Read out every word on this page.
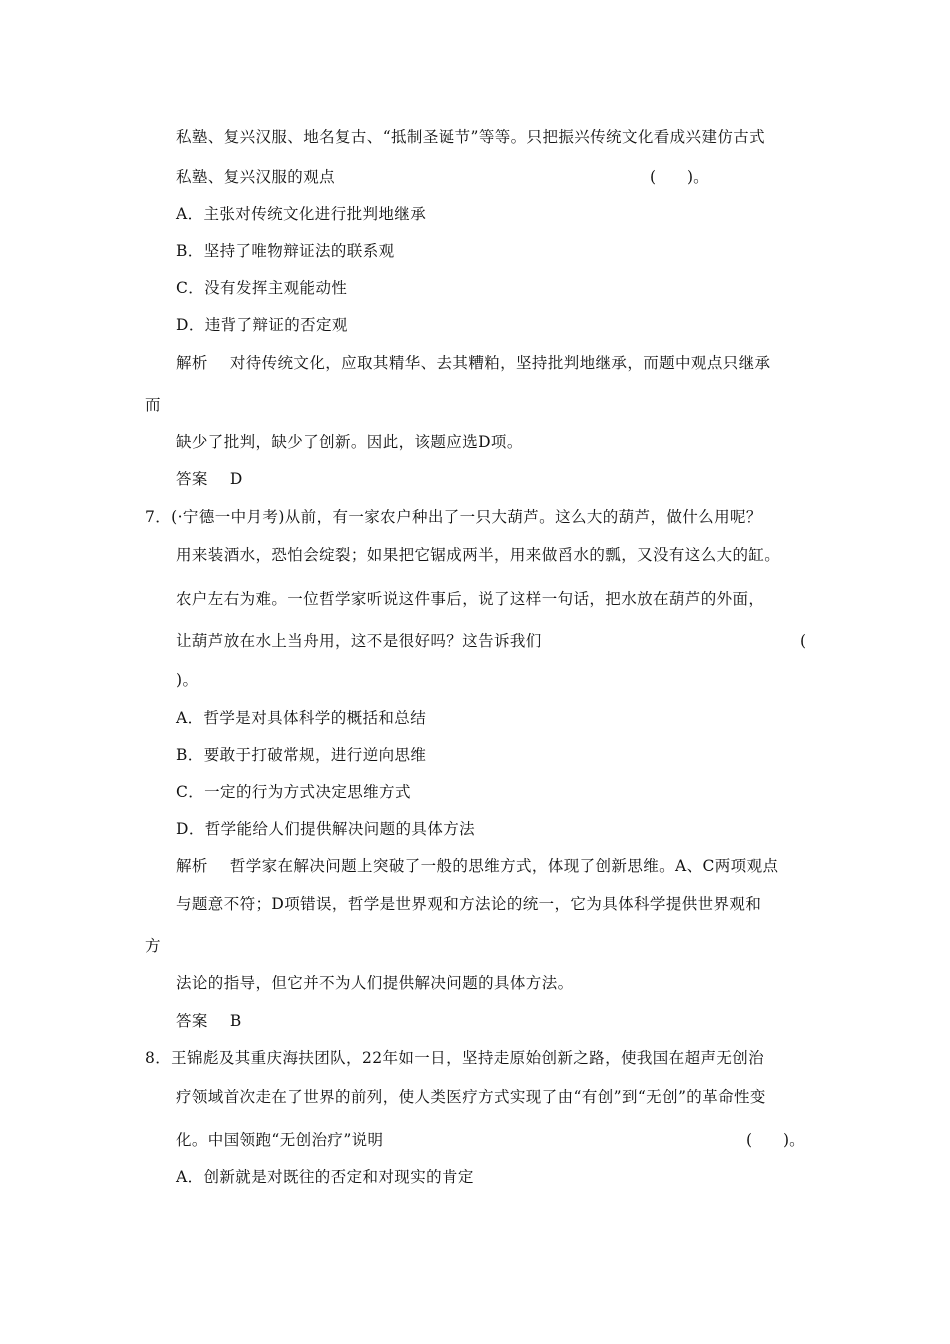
私塾、复兴汉服、地名复古、“抵制圣诞节”等等。只把振兴传统文化看成兴建仿古式
私塾、复兴汉服的观点	(　　)。
A．主张对传统文化进行批判地继承
B．坚持了唯物辩证法的联系观
C．没有发挥主观能动性
D．违背了辩证的否定观
解析 对待传统文化，应取其精华、去其糟粕，坚持批判地继承，而题中观点只继承
而
缺少了批判，缺少了创新。因此，该题应选D项。
答案 D
7．(·宁德一中月考)从前，有一家农户种出了一只大葫芦。这么大的葫芦，做什么用呢？
用来装酒水，恐怕会绽裂；如果把它锯成两半，用来做舀水的瓢，又没有这么大的缸。
农户左右为难。一位哲学家听说这件事后，说了这样一句话，把水放在葫芦的外面，
让葫芦放在水上当舟用，这不是很好吗？这告诉我们	(
)。
A．哲学是对具体科学的概括和总结
B．要敢于打破常规，进行逆向思维
C．一定的行为方式决定思维方式
D．哲学能给人们提供解决问题的具体方法
解析 哲学家在解决问题上突破了一般的思维方式，体现了创新思维。A、C两项观点
与题意不符；D项错误，哲学是世界观和方法论的统一，它为具体科学提供世界观和
方
法论的指导，但它并不为人们提供解决问题的具体方法。
答案 B
8．王锦彪及其重庆海扶团队，22年如一日，坚持走原始创新之路，使我国在超声无创治
疗领域首次走在了世界的前列，使人类医疗方式实现了由“有创”到“无创”的革命性变
化。中国领跑“无创治疗”说明	(　　)。
A．创新就是对既往的否定和对现实的肯定
